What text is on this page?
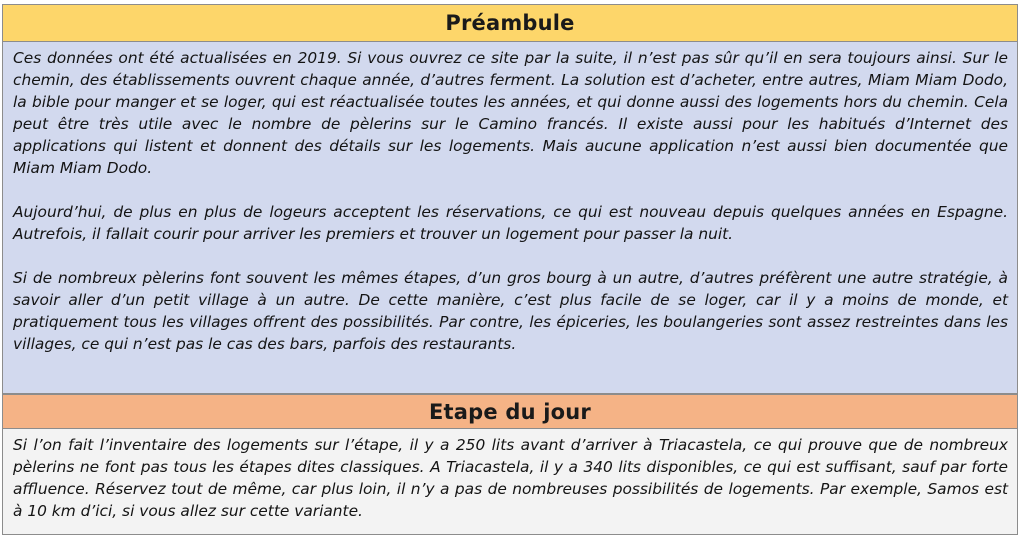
Préambule

Ces données ont été actualisées en 2019. Si vous ouvrez ce site par la suite, il n’est pas sûr qu’il en sera toujours ainsi. Sur le chemin, des établissements ouvrent chaque année, d’autres ferment. La solution est d’acheter, entre autres, Miam Miam Dodo, la bible pour manger et se loger, qui est réactualisée toutes les années, et qui donne aussi des logements hors du chemin. Cela peut être très utile avec le nombre de pèlerins sur le Camino francés. Il existe aussi pour les habitués d’Internet des applications qui listent et donnent des détails sur les logements. Mais aucune application n’est aussi bien documentée que Miam Miam Dodo.

Aujourd’hui, de plus en plus de logeurs acceptent les réservations, ce qui est nouveau depuis quelques années en Espagne. Autrefois, il fallait courir pour arriver les premiers et trouver un logement pour passer la nuit.

Si de nombreux pèlerins font souvent les mêmes étapes, d’un gros bourg à un autre, d’autres préfèrent une autre stratégie, à savoir aller d’un petit village à un autre. De cette manière, c’est plus facile de se loger, car il y a moins de monde, et pratiquement tous les villages offrent des possibilités. Par contre, les épiceries, les boulangeries sont assez restreintes dans les villages, ce qui n’est pas le cas des bars, parfois des restaurants.

Etape du jour

Si l’on fait l’inventaire des logements sur l’étape, il y a 250 lits avant d’arriver à Triacastela, ce qui prouve que de nombreux pèlerins ne font pas tous les étapes dites classiques. A Triacastela, il y a 340 lits disponibles, ce qui est suffisant, sauf par forte affluence. Réservez tout de même, car plus loin, il n’y a pas de nombreuses possibilités de logements. Par exemple, Samos est à 10 km d’ici, si vous allez sur cette variante.
